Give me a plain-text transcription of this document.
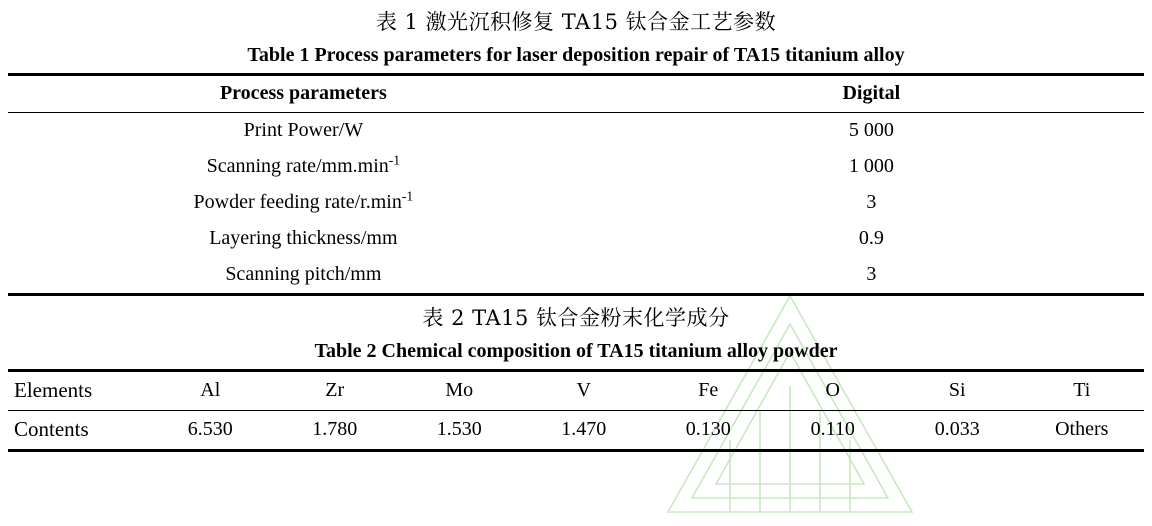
表 1 激光沉积修复 TA15 钛合金工艺参数
Table 1 Process parameters for laser deposition repair of TA15 titanium alloy
Process parameters	Digital
Print Power/W	5 000
Scanning rate/$mm.\min^{-1}$	1 000
Powder feeding rate/$r.\min^{-1}$	3
Layering thickness/mm	0.9
Scanning pitch/mm	3
表 2 TA15 钛合金粉末化学成分
Table 2 Chemical composition of TA15 titanium alloy powder
Elements	Al	Zr	Mo	V	Fe	O	Si	Ti
Contents	6.530	1.780	1.530	1.470	0.130	0.110	0.033	Others
